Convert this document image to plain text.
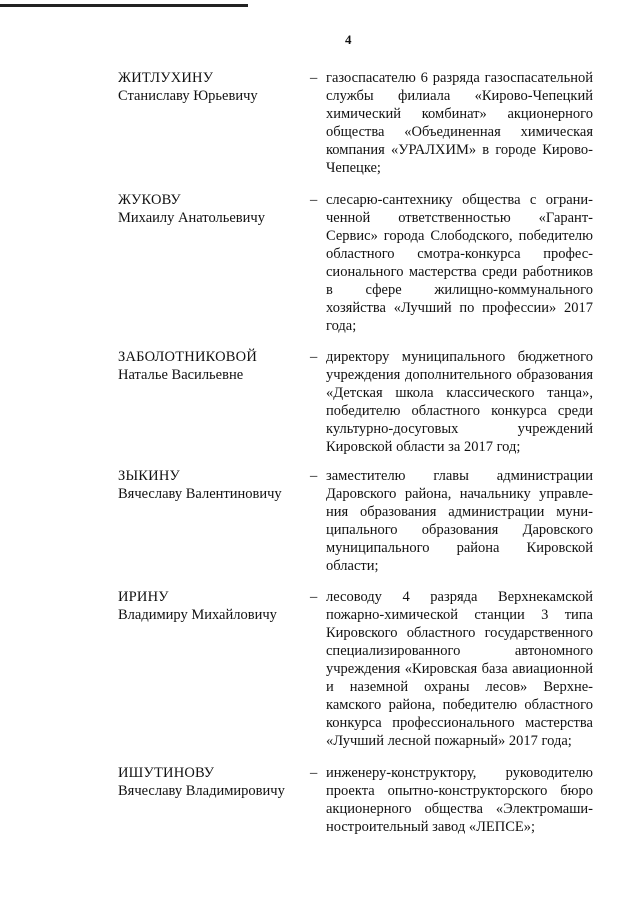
4
ЖИТЛУХИНУ
Станиславу Юрьевичу
– газоспасателю 6 разряда газоспасательной службы филиала «Кирово-Чепецкий химический комбинат» акционерного общества «Объединенная химическая компания «УРАЛХИМ» в городе Кирово-Чепецке;
ЖУКОВУ
Михаилу Анатольевичу
– слесарю-сантехнику общества с ограниченной ответственностью «Гарант-Сервис» города Слободского, победителю областного смотра-конкурса профессионального мастерства среди работников в сфере жилищно-коммунального хозяйства «Лучший по профессии» 2017 года;
ЗАБОЛОТНИКОВОЙ
Наталье Васильевне
– директору муниципального бюджетного учреждения дополнительного образования «Детская школа классического танца», победителю областного конкурса среди культурно-досуговых учреждений Кировской области за 2017 год;
ЗЫКИНУ
Вячеславу Валентиновичу
– заместителю главы администрации Даровского района, начальнику управления образования администрации муниципального образования Даровского муниципального района Кировской области;
ИРИНУ
Владимиру Михайловичу
– лесоводу 4 разряда Верхнекамской пожарно-химической станции 3 типа Кировского областного государственного специализированного автономного учреждения «Кировская база авиационной и наземной охраны лесов» Верхнекамского района, победителю областного конкурса профессионального мастерства «Лучший лесной пожарный» 2017 года;
ИШУТИНОВУ
Вячеславу Владимировичу
– инженеру-конструктору, руководителю проекта опытно-конструкторского бюро акционерного общества «Электромашиностроительный завод «ЛЕПСЕ»;
